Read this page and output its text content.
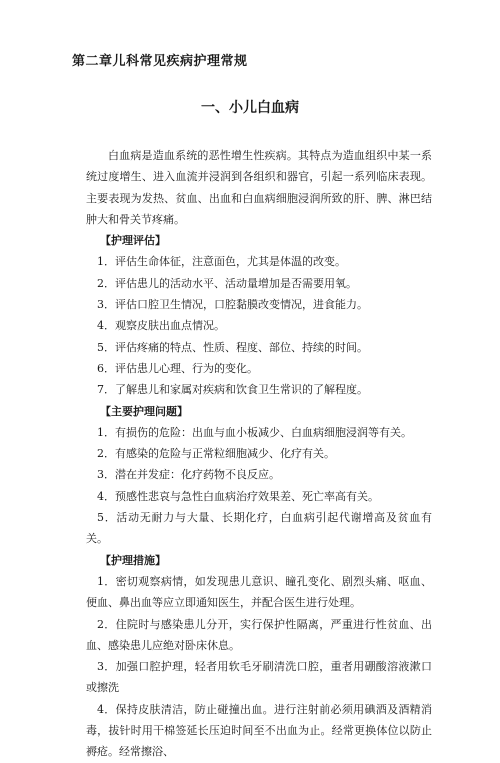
第二章儿科常见疾病护理常规
一、小儿白血病

白血病是造血系统的恶性增生性疾病。其特点为造血组织中某一系统过度增生、进入血流并浸润到各组织和器官，引起一系列临床表现。主要表现为发热、贫血、出血和白血病细胞浸润所致的肝、脾、淋巴结肿大和骨关节疼痛。

【护理评估】

1．评估生命体征，注意面色，尤其是体温的改变。

2．评估患儿的活动水平、活动量增加是否需要用氧。

3．评估口腔卫生情况，口腔黏膜改变情况，进食能力。

4．观察皮肤出血点情况。

5．评估疼痛的特点、性质、程度、部位、持续的时间。

6．评估患儿心理、行为的变化。

7．了解患儿和家属对疾病和饮食卫生常识的了解程度。

【主要护理问题】

1．有损伤的危险：出血与血小板减少、白血病细胞浸润等有关。

2．有感染的危险与正常粒细胞减少、化疗有关。

3．潜在并发症：化疗药物不良反应。

4．预感性悲哀与急性白血病治疗效果差、死亡率高有关。

5．活动无耐力与大量、长期化疗，白血病引起代谢增高及贫血有关。

【护理措施】

1．密切观察病情，如发现患儿意识、瞳孔变化、剧烈头痛、呕血、便血、鼻出血等应立即通知医生，并配合医生进行处理。

2．住院时与感染患儿分开，实行保护性隔离，严重进行性贫血、出血、感染患儿应绝对卧床休息。

3．加强口腔护理，轻者用软毛牙刷清洗口腔，重者用硼酸溶液漱口或擦洗

4．保持皮肤清洁，防止碰撞出血。进行注射前必须用碘酒及酒精消毒，拔针时用干棉签延长压迫时间至不出血为止。经常更换体位以防止褥疮。经常擦浴、
